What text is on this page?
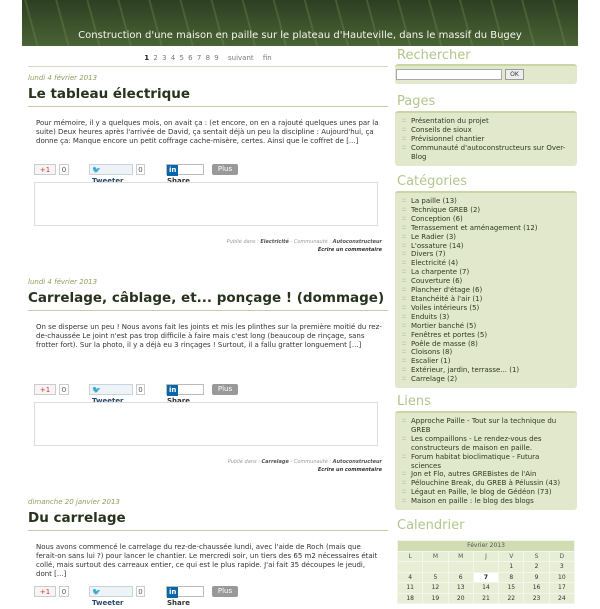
Construction d'une maison en paille sur le plateau d'Hauteville, dans le massif du Bugey
1 2 3 4 5 6 7 8 9 suivant fin
lundi 4 février 2013
Le tableau électrique
Pour mémoire, il y a quelques mois, on avait ça : (et encore, on en a rajouté quelques unes par la suite) Deux heures après l'arrivée de David, ça sentait déjà un peu la discipline : Aujourd'hui, ça donne ça: Manque encore un petit coffrage cache-misère, certes. Ainsi que le coffret de [...]
+1	0	🐦Tweeter
0	inShare
Plus
Publié dans : Electricité - Communauté : Autoconstructeur
Ecrire un commentaire
lundi 4 février 2013
Carrelage, câblage, et... ponçage ! (dommage)
On se disperse un peu ! Nous avons fait les joints et mis les plinthes sur la première moitié du rez-de-chaussée Le joint n'est pas trop difficile à faire mais c'est long (beaucoup de rinçage, sans frotter fort). Sur la photo, il y a déjà eu 3 rinçages ! Surtout, il a fallu gratter longuement [...]
+1	0	🐦Tweeter
0	inShare
Plus
Publié dans : Carrelage - Communauté : Autoconstructeur
Ecrire un commentaire
dimanche 20 janvier 2013
Du carrelage
Nous avons commencé le carrelage du rez-de-chaussée lundi, avec l'aide de Roch (mais que ferait-on sans lui ?) pour lancer le chantier. Le mercredi soir, un tiers des 65 m2 nécessaires était collé, mais surtout des carreaux entier, ce qui est le plus rapide. J'ai fait 35 découpes le jeudi, dont [...]
+1	0	🐦Tweeter
0	inShare
Plus
Rechercher
Pages
:: Présentation du projet
:: Conseils de sioux
:: Prévisionnel chantier
:: Communauté d'autoconstructeurs sur Over-Blog
Catégories
:: La paille (13)
:: Technique GREB (2)
:: Conception (6)
:: Terrassement et aménagement (12)
:: Le Radier (3)
:: L'ossature (14)
:: Divers (7)
:: Electricité (4)
:: La charpente (7)
:: Couverture (6)
:: Plancher d'étage (6)
:: Etanchéité à l'air (1)
:: Voiles intérieurs (5)
:: Enduits (3)
:: Mortier banché (5)
:: Fenêtres et portes (5)
:: Poêle de masse (8)
:: Cloisons (8)
:: Escalier (1)
:: Extérieur, jardin, terrasse... (1)
:: Carrelage (2)
Liens
:: Approche Paille - Tout sur la technique du GREB
:: Les compaillons - Le rendez-vous des constructeurs de maison en paille.
:: Forum habitat bioclimatique - Futura sciences
:: Jon et Flo, autres GREBistes de l'Ain
:: Pélouchine Break, du GREB à Pélussin (43)
:: Légaut en Paille, le blog de Gédéon (73)
:: Maison en paille : le blog des blogs
Calendrier
OK
Février 2013						
L	M	M	J	V	S	D
				1	2	3
4	5	6	7	8	9	10
11	12	13	14	15	16	17
18	19	20	21	22	23	24
